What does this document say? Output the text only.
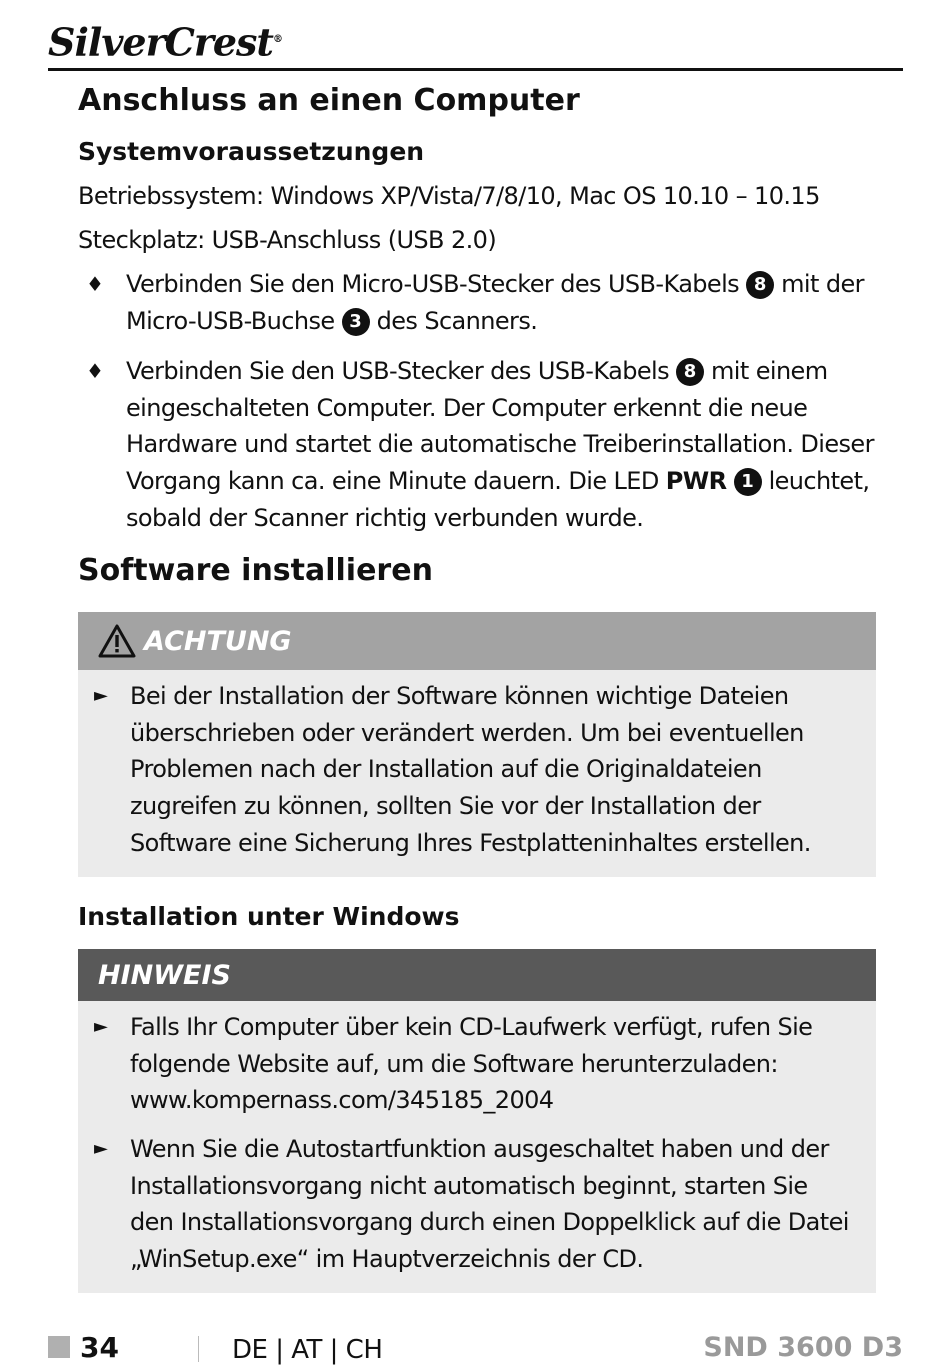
SilverCrest®
Anschluss an einen Computer
Systemvoraussetzungen

Betriebssystem: Windows XP/Vista/7/8/10, Mac OS 10.10 – 10.15

Steckplatz: USB-Anschluss (USB 2.0)

♦ Verbinden Sie den Micro-USB-Stecker des USB-Kabels 8 mit der Micro-USB-Buchse 3 des Scanners.
♦ Verbinden Sie den USB-Stecker des USB-Kabels 8 mit einem eingeschalteten Computer. Der Computer erkennt die neue Hardware und startet die automatische Treiberinstallation. Dieser Vorgang kann ca. eine Minute dauern. Die LED PWR 1 leuchtet, sobald der Scanner richtig verbunden wurde.
Software installieren
ACHTUNG
► Bei der Installation der Software können wichtige Dateien überschrieben oder verändert werden. Um bei eventuellen Problemen nach der Installation auf die Originaldateien zugreifen zu können, sollten Sie vor der Installation der Software eine Sicherung Ihres Festplatteninhaltes erstellen.
Installation unter Windows
HINWEIS
► Falls Ihr Computer über kein CD-Laufwerk verfügt, rufen Sie folgende Website auf, um die Software herunterzuladen: www.kompernass.com/345185_2004
► Wenn Sie die Autostartfunktion ausgeschaltet haben und der Installationsvorgang nicht automatisch beginnt, starten Sie den Installationsvorgang durch einen Doppelklick auf die Datei „WinSetup.exe“ im Hauptverzeichnis der CD.
34	DE | AT | CH	SND 3600 D3
